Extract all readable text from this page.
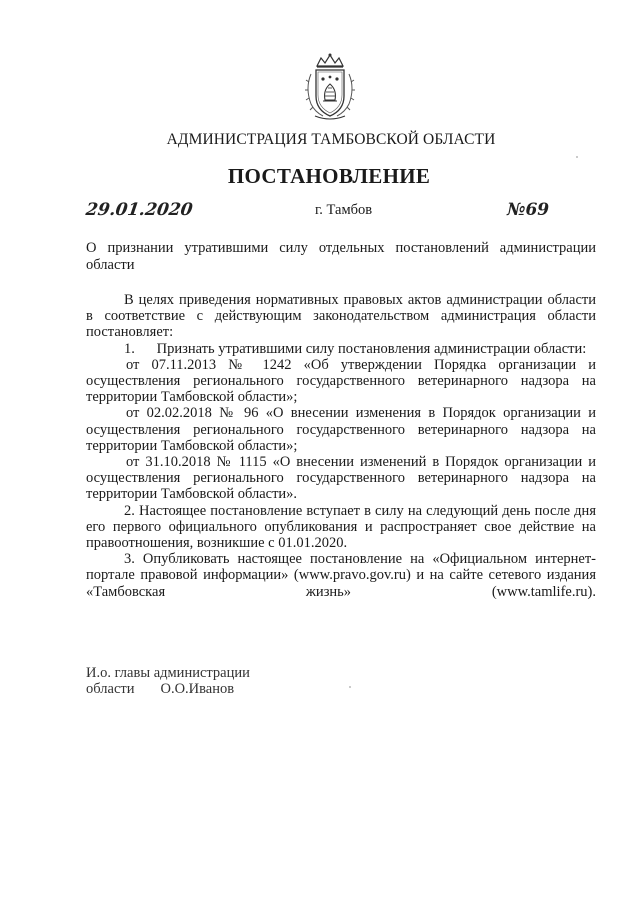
АДМИНИСТРАЦИЯ ТАМБОВСКОЙ ОБЛАСТИ
ПОСТАНОВЛЕНИЕ
29.01.2020	г. Тамбов	№69
О признании утратившими силу отдельных постановлений администрации области

В целях приведения нормативных правовых актов администрации области в соответствие с действующим законодательством администрация области постановляет:

1.      Признать утратившими силу постановления администрации области:

от 07.11.2013 № 1242 «Об утверждении Порядка организации и осуществления регионального государственного ветеринарного надзора на территории Тамбовской области»;

от 02.02.2018 № 96 «О внесении изменения в Порядок организации и осуществления регионального государственного ветеринарного надзора на территории Тамбовской области»;

от 31.10.2018 № 1115 «О внесении изменений в Порядок организации и осуществления регионального государственного ветеринарного надзора на территории Тамбовской области».

2. Настоящее постановление вступает в силу на следующий день после дня его первого официального опубликования и распространяет свое действие на правоотношения, возникшие с 01.01.2020.

3. Опубликовать настоящее постановление на «Официальном интернет-портале правовой информации» (www.pravo.gov.ru) и на сайте сетевого издания «Тамбовская жизнь» (www.tamlife.ru).

И.о. главы администрации
области О.О.Иванов
